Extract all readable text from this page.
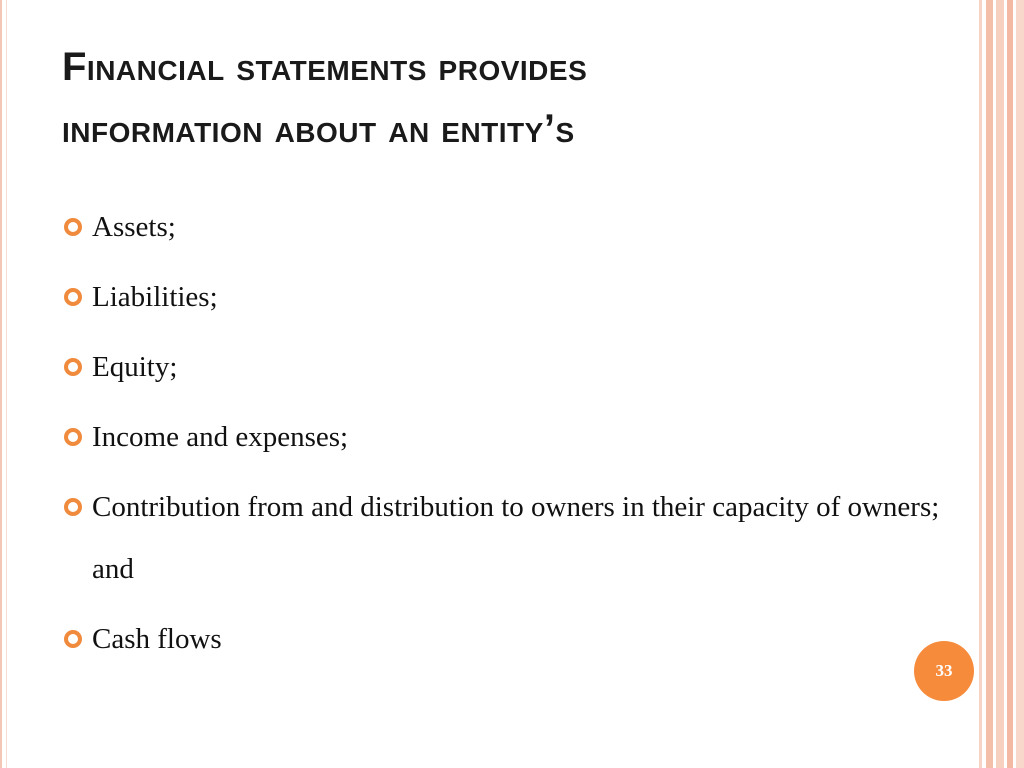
Financial statements provides
information about an entity’s
Assets;
Liabilities;
Equity;
Income and expenses;
Contribution from and distribution to owners in their capacity of owners; and
Cash flows
33
